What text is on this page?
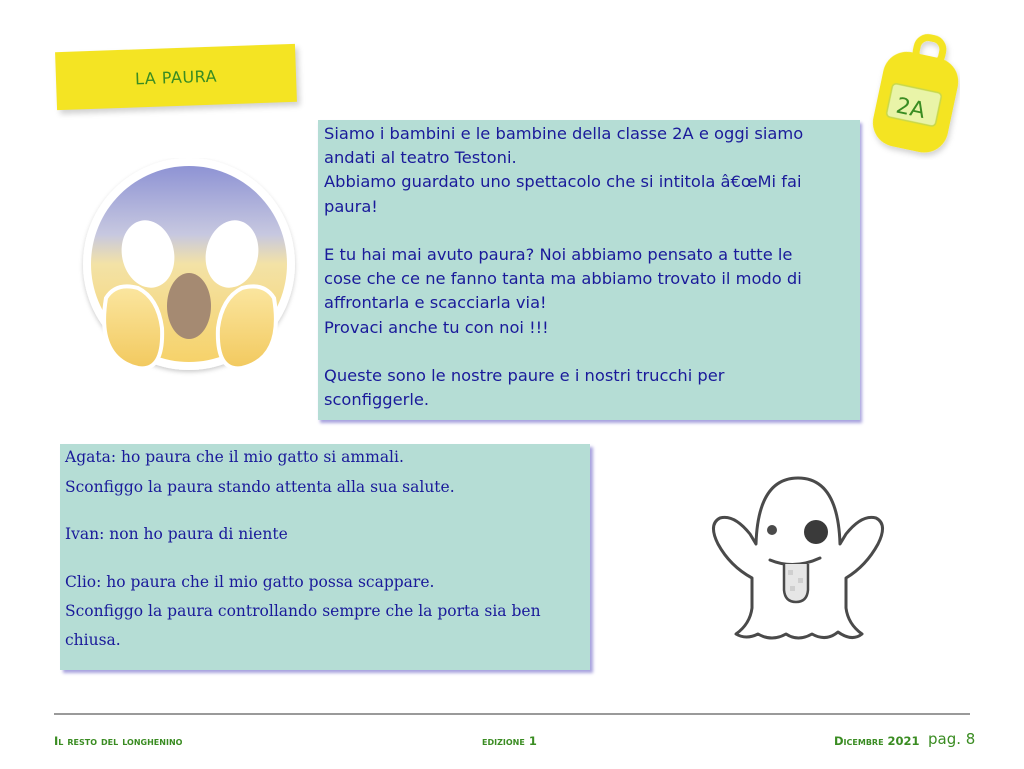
LA PAURA
2A
Siamo i bambini e le bambine della classe 2A e oggi siamo
andati al teatro Testoni.
Abbiamo guardato uno spettacolo che si intitola â€œMi fai
paura!
E tu hai mai avuto paura? Noi abbiamo pensato a tutte le
cose che ce ne fanno tanta ma abbiamo trovato il modo di
affrontarla e scacciarla via!
Provaci anche tu con noi !!!
Queste sono le nostre paure e i nostri trucchi per
sconfiggerle.
Agata: ho paura che il mio gatto si ammali.
Sconfiggo la paura stando attenta alla sua salute.
Ivan: non ho paura di niente
Clio: ho paura che il mio gatto possa scappare.
Sconfiggo la paura controllando sempre che la porta sia ben
chiusa.
Il resto del longhenino	edizione 1	Dicembre 2021 pag. 8
